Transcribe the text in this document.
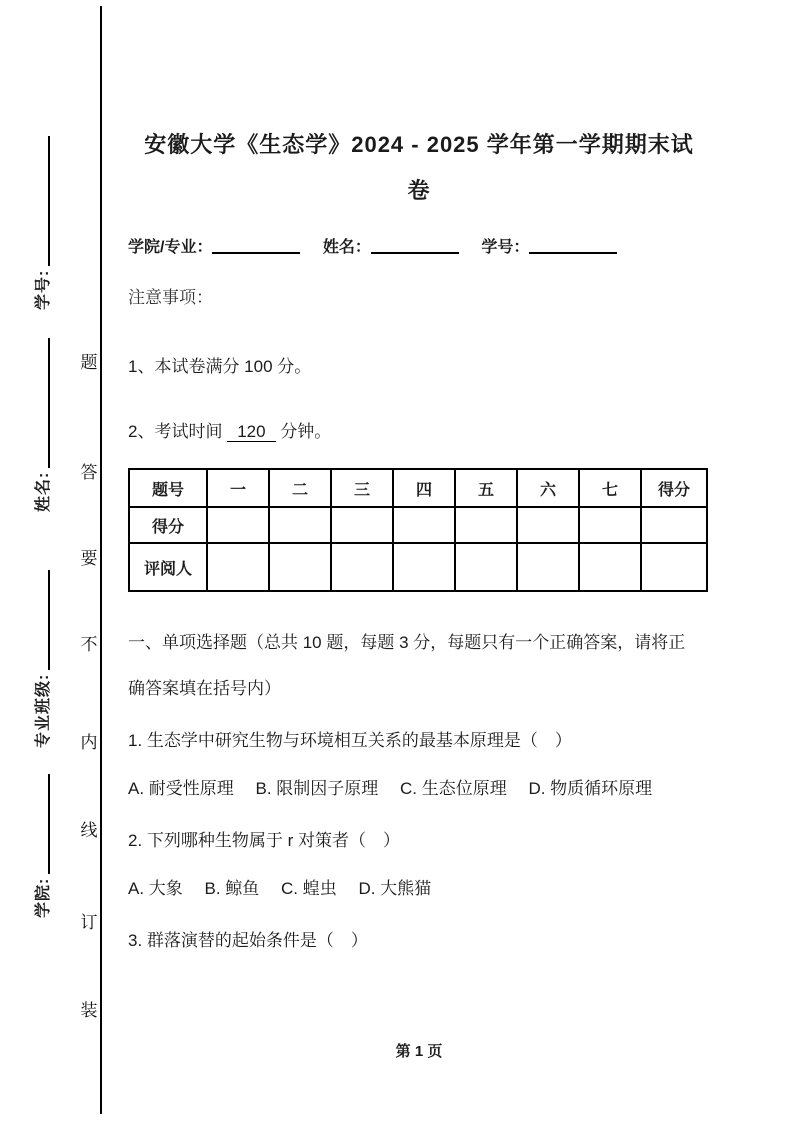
学号:
姓名:
专业班级:
学院:
题
答
要
不
内
线
订
装
安徽大学《生态学》2024 - 2025 学年第一学期期末试
卷
学院/专业：	姓名：	学号：
注意事项：
1、本试卷满分 100 分。
2、考试时间 120 分钟。
题号	一	二	三	四	五	六	七	得分
得分								
评阅人								
一、单项选择题（总共 10 题，每题 3 分，每题只有一个正确答案，请将正确答案填在括号内）
1. 生态学中研究生物与环境相互关系的最基本原理是（　）
A. 耐受性原理　 B. 限制因子原理　 C. 生态位原理　 D. 物质循环原理
2. 下列哪种生物属于 r 对策者（　）
A. 大象　 B. 鲸鱼　 C. 蝗虫　 D. 大熊猫
3. 群落演替的起始条件是（　）
第 1 页
